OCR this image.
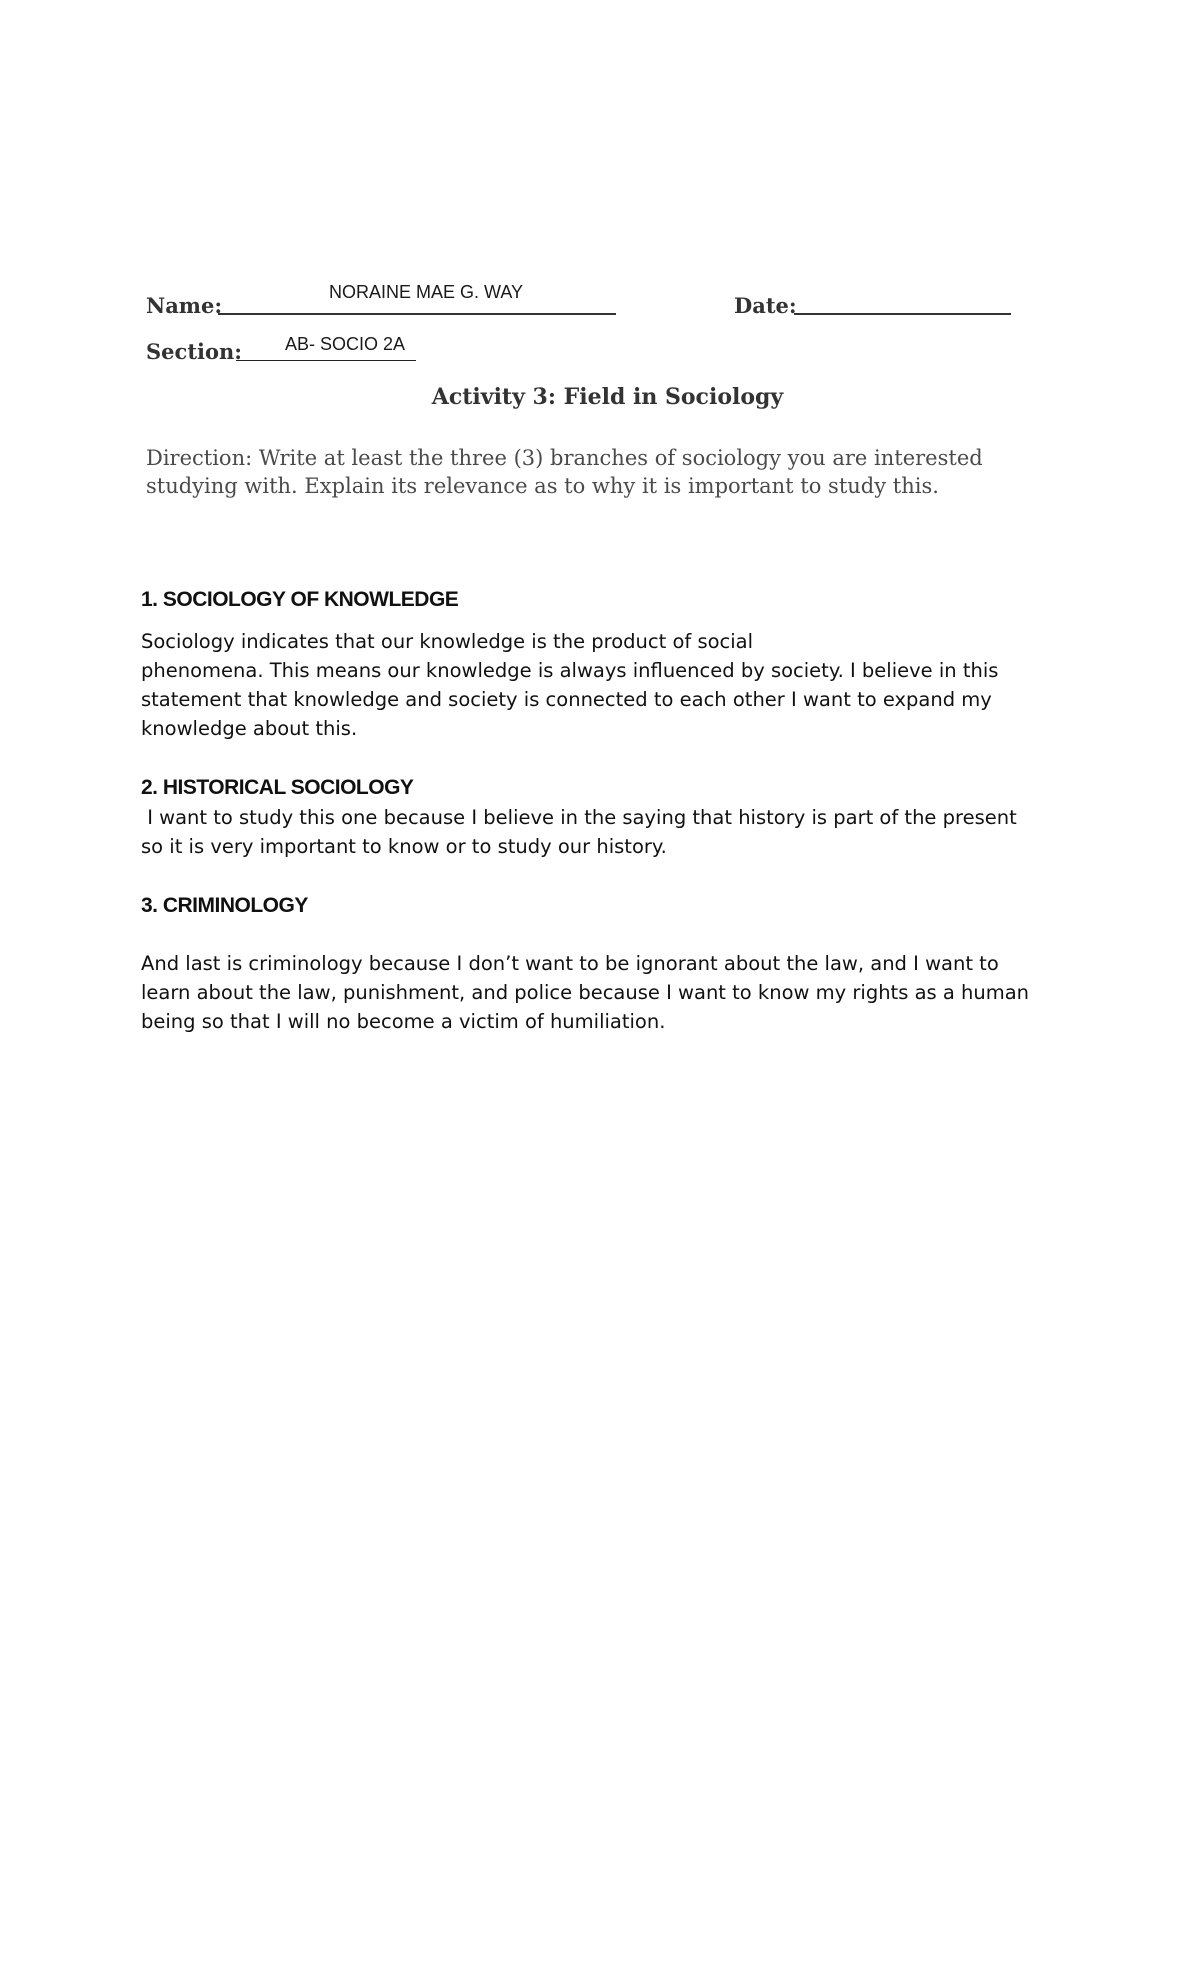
Name:
NORAINE MAE G. WAY
Date:
Section: AB- SOCIO 2A
Activity 3: Field in Sociology
Direction: Write at least the three (3) branches of sociology you are interested studying with. Explain its relevance as to why it is important to study this.

1. SOCIOLOGY OF KNOWLEDGE

Sociology indicates that our knowledge is the product of social

phenomena. This means our knowledge is always influenced by society. I believe in this

statement that knowledge and society is connected to each other I want to expand my

knowledge about this.

2. HISTORICAL SOCIOLOGY

I want to study this one because I believe in the saying that history is part of the present

so it is very important to know or to study our history.

3. CRIMINOLOGY

And last is criminology because I don’t want to be ignorant about the law, and I want to

learn about the law, punishment, and police because I want to know my rights as a human

being so that I will no become a victim of humiliation.
